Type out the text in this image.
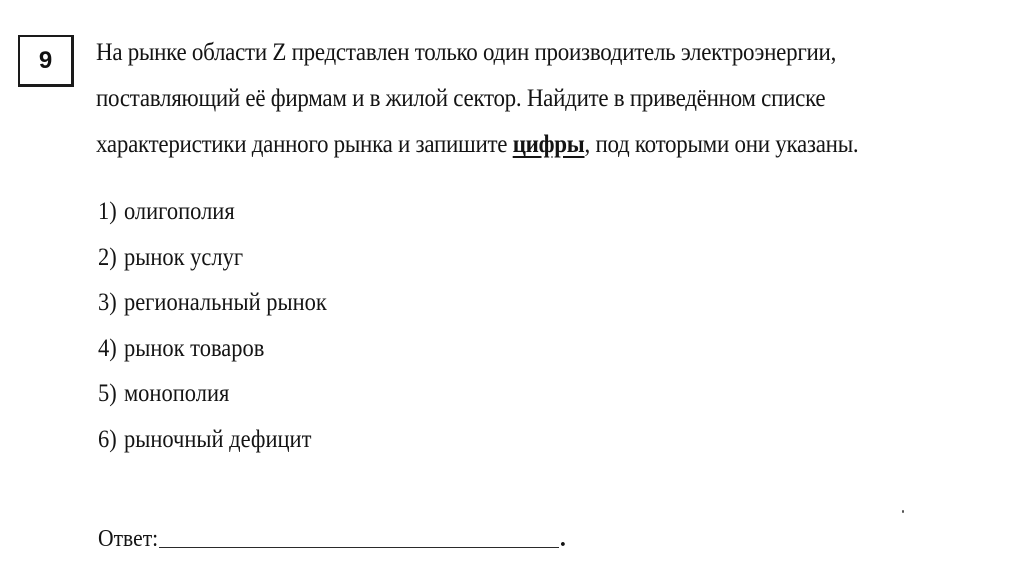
9 На рынке области Z представлен только один производитель электроэнергии,
поставляющий её фирмам и в жилой сектор. Найдите в приведённом списке
характеристики данного рынка и запишите цифры, под которыми они указаны.
1) олигополия
2) рынок услуг
3) региональный рынок
4) рынок товаров
5) монополия
6) рыночный дефицит
Ответ:	.
